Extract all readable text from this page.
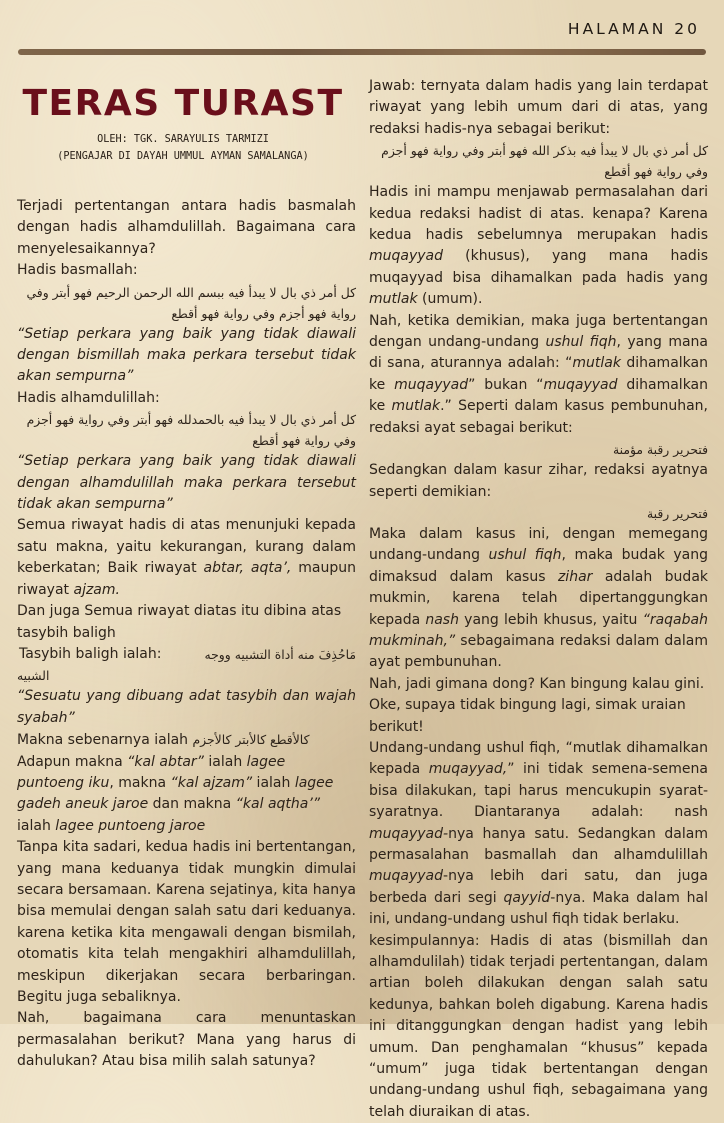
HALAMAN 20
TERAS TURAST
OLEH: TGK. SARAYULIS TARMIZI
(PENGAJAR DI DAYAH UMMUL AYMAN SAMALANGA)

Terjadi pertentangan antara hadis basmalah dengan hadis alhamdulillah. Bagaimana cara menyelesaikannya?

Hadis basmallah:

كل أمر ذي بال لا يبدأ فيه ببسم الله الرحمن الرحيم فهو أبتر وفي رواية فهو أجزم وفي رواية فهو أقطع

“Setiap perkara yang baik yang tidak diawali dengan bismillah maka perkara tersebut tidak akan sempurna”

Hadis alhamdulillah:

كل أمر ذي بال لا يبدأ فيه بالحمدلله فهو أبتر وفي رواية فهو أجزم وفي رواية فهو أقطع

“Setiap perkara yang baik yang tidak diawali dengan alhamdulillah maka perkara tersebut tidak akan sempurna”

Semua riwayat hadis di atas menunjuki kepada satu makna, yaitu kekurangan, kurang dalam keberkatan; Baik riwayat abtar, aqta’, maupun riwayat ajzam.

Dan juga Semua riwayat diatas itu dibina atas tasybih baligh

Tasybih baligh ialah:	مَاحُذِفَ منه أداة التشبيه ووجه

الشبيه

“Sesuatu yang dibuang adat tasybih dan wajah syabah”

Makna sebenarnya ialah كالأقطع كالأبتر كالأجزم

Adapun makna “kal abtar” ialah lagee puntoeng iku, makna “kal ajzam” ialah lagee gadeh aneuk jaroe dan makna “kal aqtha’” ialah lagee puntoeng jaroe

Tanpa kita sadari, kedua hadis ini bertentangan, yang mana keduanya tidak mungkin dimulai secara bersamaan. Karena sejatinya, kita hanya bisa memulai dengan salah satu dari keduanya. karena ketika kita mengawali dengan bismilah, otomatis kita telah mengakhiri alhamdulillah, meskipun dikerjakan secara berbaringan. Begitu juga sebaliknya.

Nah, bagaimana cara menuntaskan permasalahan berikut? Mana yang harus di dahulukan? Atau bisa milih salah satunya?

Jawab: ternyata dalam hadis yang lain terdapat riwayat yang lebih umum dari di atas, yang redaksi hadis-nya sebagai berikut:

كل أمر ذي بال لا يبدأ فيه بذكر الله فهو أبتر وفي رواية فهو أجزم وفي رواية فهو أقطع

Hadis ini mampu menjawab permasalahan dari kedua redaksi hadist di atas. kenapa? Karena kedua hadis sebelumnya merupakan hadis muqayyad (khusus), yang mana hadis muqayyad bisa dihamalkan pada hadis yang mutlak (umum).

Nah, ketika demikian, maka juga bertentangan dengan undang-undang ushul fiqh, yang mana di sana, aturannya adalah: “mutlak dihamalkan ke muqayyad” bukan “muqayyad dihamalkan ke mutlak.” Seperti dalam kasus pembunuhan, redaksi ayat sebagai berikut:

فتحرير رقبة مؤمنة

Sedangkan dalam kasur zihar, redaksi ayatnya seperti demikian:

فتحرير رقبة

Maka dalam kasus ini, dengan memegang undang-undang ushul fiqh, maka budak yang dimaksud dalam kasus zihar adalah budak mukmin, karena telah dipertanggungkan kepada nash yang lebih khusus, yaitu “raqabah mukminah,” sebagaimana redaksi dalam dalam ayat pembunuhan.

Nah, jadi gimana dong? Kan bingung kalau gini.

Oke, supaya tidak bingung lagi, simak uraian berikut!

Undang-undang ushul fiqh, “mutlak dihamalkan kepada muqayyad,” ini tidak semena-semena bisa dilakukan, tapi harus mencukupin syarat-syaratnya. Diantaranya adalah: nash muqayyad-nya hanya satu. Sedangkan dalam permasalahan basmallah dan alhamdulillah muqayyad-nya lebih dari satu, dan juga berbeda dari segi qayyid-nya. Maka dalam hal ini, undang-undang ushul fiqh tidak berlaku.

kesimpulannya: Hadis di atas (bismillah dan alhamdulilah) tidak terjadi pertentangan, dalam artian boleh dilakukan dengan salah satu kedunya, bahkan boleh digabung. Karena hadis ini ditanggungkan dengan hadist yang lebih umum. Dan penghamalan “khusus” kepada “umum” juga tidak bertentangan dengan undang-undang ushul fiqh, sebagaimana yang telah diuraikan di atas.
